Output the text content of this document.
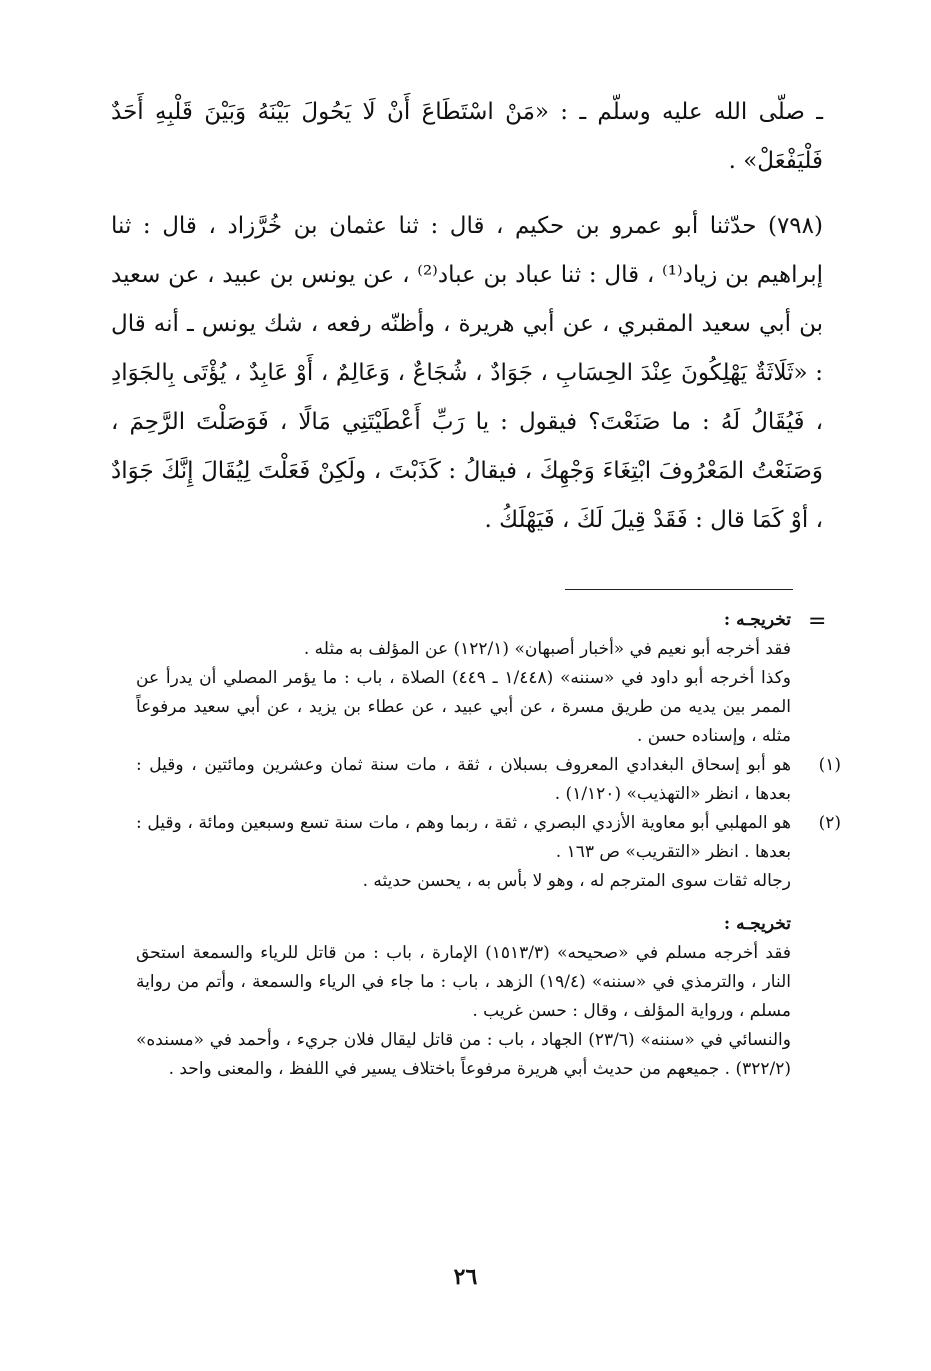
ـ صلّى الله عليه وسلّم ـ : «مَنْ اسْتَطَاعَ أَنْ لَا يَحُولَ بَيْنَهُ وَبَيْنَ قَلْبِهِ أَحَدٌ فَلْيَفْعَلْ» .

(٧٩٨) حدّثنا أبو عمرو بن حكيم ، قال : ثنا عثمان بن خُرَّزاد ، قال : ثنا إبراهيم بن زياد⁽¹⁾ ، قال : ثنا عباد بن عباد⁽²⁾ ، عن يونس بن عبيد ، عن سعيد بن أبي سعيد المقبري ، عن أبي هريرة ، وأظنّه رفعه ، شك يونس ـ أنه قال : «ثَلَاثَةٌ يَهْلِكُونَ عِنْدَ الحِسَابِ ، جَوَادٌ ، شُجَاعٌ ، وَعَالِمٌ ، أَوْ عَابِدٌ ، يُؤْتَى بِالجَوَادِ ، فَيُقَالُ لَهُ : ما صَنَعْتَ؟ فيقول : يا رَبِّ أَعْطَيْتَنِي مَالًا ، فَوَصَلْتَ الرَّحِمَ ، وَصَنَعْتُ المَعْرُوفَ ابْتِغَاءَ وَجْهِكَ ، فيقالُ : كَذَبْتَ ، ولَكِنْ فَعَلْتَ لِيُقَالَ إِنَّكَ جَوَادٌ ، أوْ كَمَا قال : فَقَدْ قِيلَ لَكَ ، فَيَهْلَكُ .

=

تخريجـه :

فقد أخرجه أبو نعيم في «أخبار أصبهان» (١٢٢/١) عن المؤلف به مثله .

وكذا أخرجه أبو داود في «سننه» (١/٤٤٨ ـ ٤٤٩) الصلاة ، باب : ما يؤمر المصلي أن يدرأ عن الممر بين يديه من طريق مسرة ، عن أبي عبيد ، عن عطاء بن يزيد ، عن أبي سعيد مرفوعاً مثله ، وإسناده حسن .

(١)

هو أبو إسحاق البغدادي المعروف بسبلان ، ثقة ، مات سنة ثمان وعشرين ومائتين ، وقيل : بعدها ، انظر «التهذيب» (١/١٢٠) .

(٢)

هو المهلبي أبو معاوية الأزدي البصري ، ثقة ، ربما وهم ، مات سنة تسع وسبعين ومائة ، وقيل : بعدها . انظر «التقريب» ص ١٦٣ .

رجاله ثقات سوى المترجم له ، وهو لا بأس به ، يحسن حديثه .

تخريجـه :

فقد أخرجه مسلم في «صحيحه» (١٥١٣/٣) الإمارة ، باب : من قاتل للرياء والسمعة استحق النار ، والترمذي في «سننه» (١٩/٤) الزهد ، باب : ما جاء في الرياء والسمعة ، وأتم من رواية مسلم ، ورواية المؤلف ، وقال : حسن غريب .

والنسائي في «سننه» (٢٣/٦) الجهاد ، باب : من قاتل ليقال فلان جريء ، وأحمد في «مسنده» (٣٢٢/٢) . جميعهم من حديث أبي هريرة مرفوعاً باختلاف يسير في اللفظ ، والمعنى واحد .

٢٦
